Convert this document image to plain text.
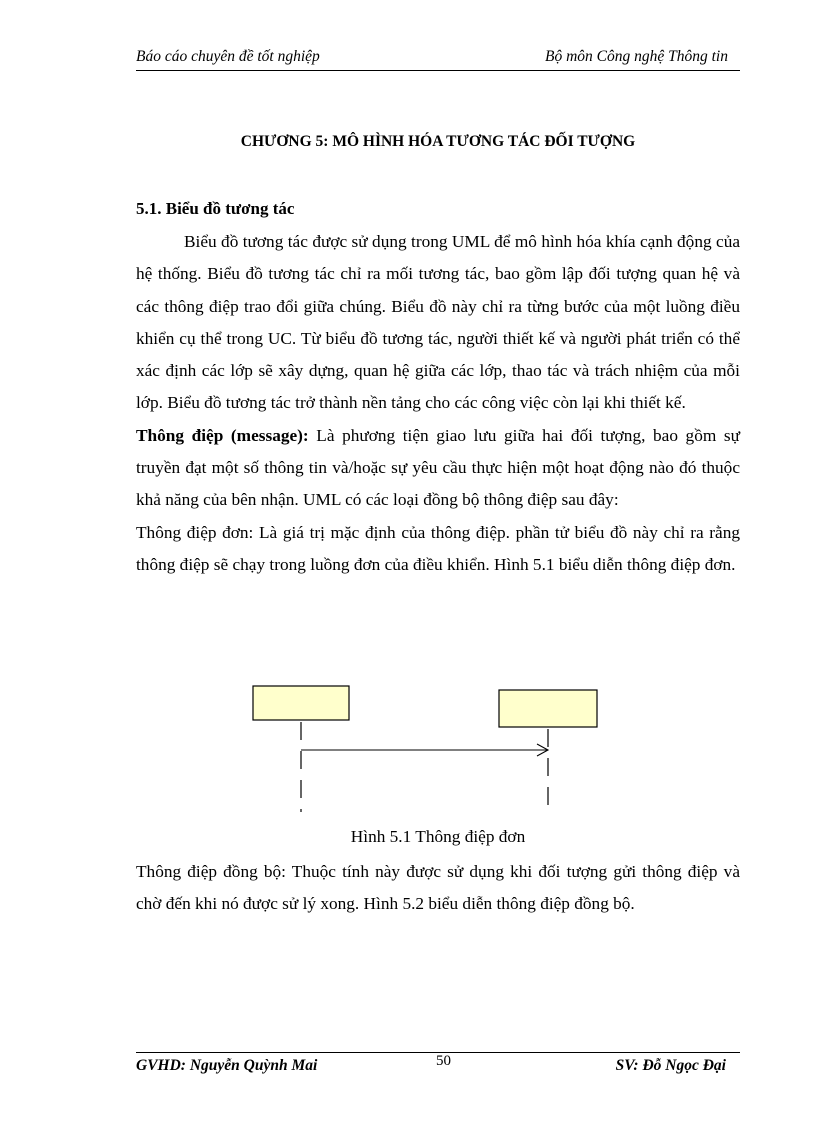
Báo cáo chuyên đề tốt nghiệp	Bộ môn Công nghệ Thông tin
CHƯƠNG 5: MÔ HÌNH HÓA TƯƠNG TÁC ĐỐI TƯỢNG
5.1. Biểu đồ tương tác

Biểu đồ tương tác được sử dụng trong UML để mô hình hóa khía cạnh động của hệ thống. Biểu đồ tương tác chỉ ra mối tương tác, bao gồm lập đối tượng quan hệ và các thông điệp trao đổi giữa chúng. Biểu đồ này chỉ ra từng bước của một luồng điều khiển cụ thể trong UC. Từ biểu đồ tương tác, người thiết kế và người phát triển có thể xác định các lớp sẽ xây dựng, quan hệ giữa các lớp, thao tác và trách nhiệm của mỗi lớp. Biểu đồ tương tác trở thành nền tảng cho các công việc còn lại khi thiết kế.

Thông điệp (message): Là phương tiện giao lưu giữa hai đối tượng, bao gồm sự truyền đạt một số thông tin và/hoặc sự yêu cầu thực hiện một hoạt động nào đó thuộc khả năng của bên nhận. UML có các loại đồng bộ thông điệp sau đây:

Thông điệp đơn: Là giá trị mặc định của thông điệp. phần tử biểu đồ này chỉ ra rằng thông điệp sẽ chạy trong luồng đơn của điều khiển. Hình 5.1 biểu diễn thông điệp đơn.

Hình 5.1 Thông điệp đơn

Thông điệp đồng bộ: Thuộc tính này được sử dụng khi đối tượng gửi thông điệp và chờ đến khi nó được sử lý xong. Hình 5.2 biểu diễn thông điệp đồng bộ.

GVHD: Nguyễn Quỳnh Mai	50	SV: Đỗ Ngọc Đại
